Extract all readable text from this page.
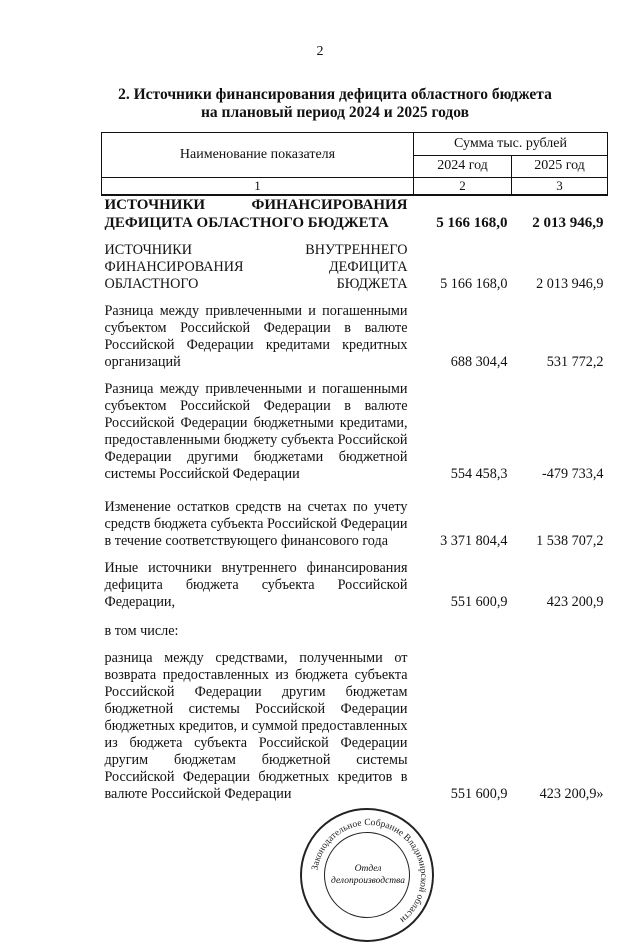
2
2. Источники финансирования дефицита областного бюджета
на плановый период 2024 и 2025 годов
Наименование показателя	Сумма тыс. рублей	
	2024 год	2025 год
1	2	3
ИСТОЧНИКИ ФИНАНСИРОВАНИЯ ДЕФИЦИТА ОБЛАСТНОГО БЮДЖЕТА	5 166 168,0	2 013 946,9

ИСТОЧНИКИ ВНУТРЕННЕГО ФИНАНСИРОВАНИЯ ДЕФИЦИТА ОБЛАСТНОГО БЮДЖЕТА	5 166 168,0	2 013 946,9

Разница между привлеченными и погашенными субъектом Российской Федерации в валюте Российской Федерации кредитами кредитных организаций	688 304,4	531 772,2

Разница между привлеченными и погашенными субъектом Российской Федерации в валюте Российской Федерации бюджетными кредитами, предоставленными бюджету субъекта Российской Федерации другими бюджетами бюджетной системы Российской Федерации	554 458,3	-479 733,4

Изменение остатков средств на счетах по учету средств бюджета субъекта Российской Федерации в течение соответствующего финансового года	3 371 804,4	1 538 707,2

Иные источники внутреннего финансирования дефицита бюджета субъекта Российской Федерации,	551 600,9	423 200,9

в том числе:		

разница между средствами, полученными от возврата предоставленных из бюджета субъекта Российской Федерации другим бюджетам бюджетной системы Российской Федерации бюджетных кредитов, и суммой предоставленных из бюджета субъекта Российской Федерации другим бюджетам бюджетной системы Российской Федерации бюджетных кредитов в валюте Российской Федерации	551 600,9	423 200,9»
Законодательное Собрание Владимирской области
Отдел
делопроизводства
